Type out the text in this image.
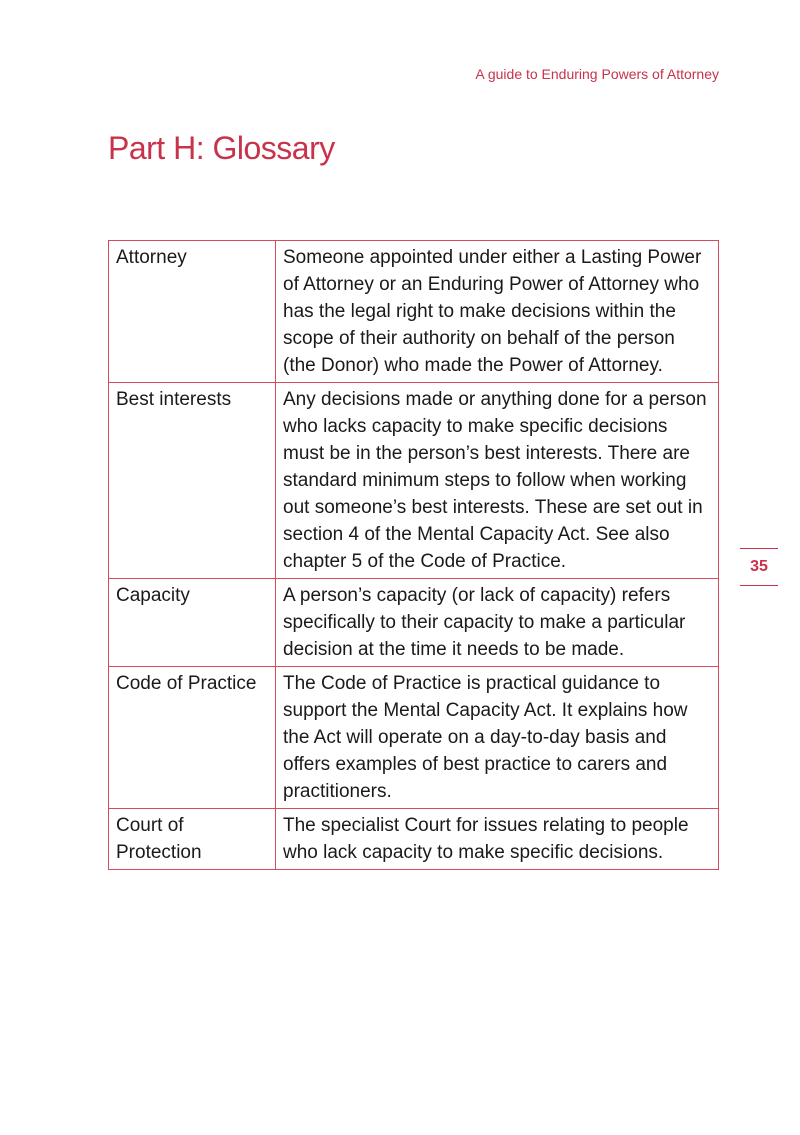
A guide to Enduring Powers of Attorney
Part H: Glossary
Attorney	Someone appointed under either a Lasting Power of Attorney or an Enduring Power of Attorney who has the legal right to make decisions within the scope of their authority on behalf of the person (the Donor) who made the Power of Attorney.
Best interests	Any decisions made or anything done for a person who lacks capacity to make specific decisions must be in the person’s best interests. There are standard minimum steps to follow when working out someone’s best interests. These are set out in section 4 of the Mental Capacity Act. See also chapter 5 of the Code of Practice.
Capacity	A person’s capacity (or lack of capacity) refers specifically to their capacity to make a particular decision at the time it needs to be made.
Code of Practice	The Code of Practice is practical guidance to support the Mental Capacity Act. It explains how the Act will operate on a day-to-day basis and offers examples of best practice to carers and practitioners.
Court of Protection	The specialist Court for issues relating to people who lack capacity to make specific decisions.
35
